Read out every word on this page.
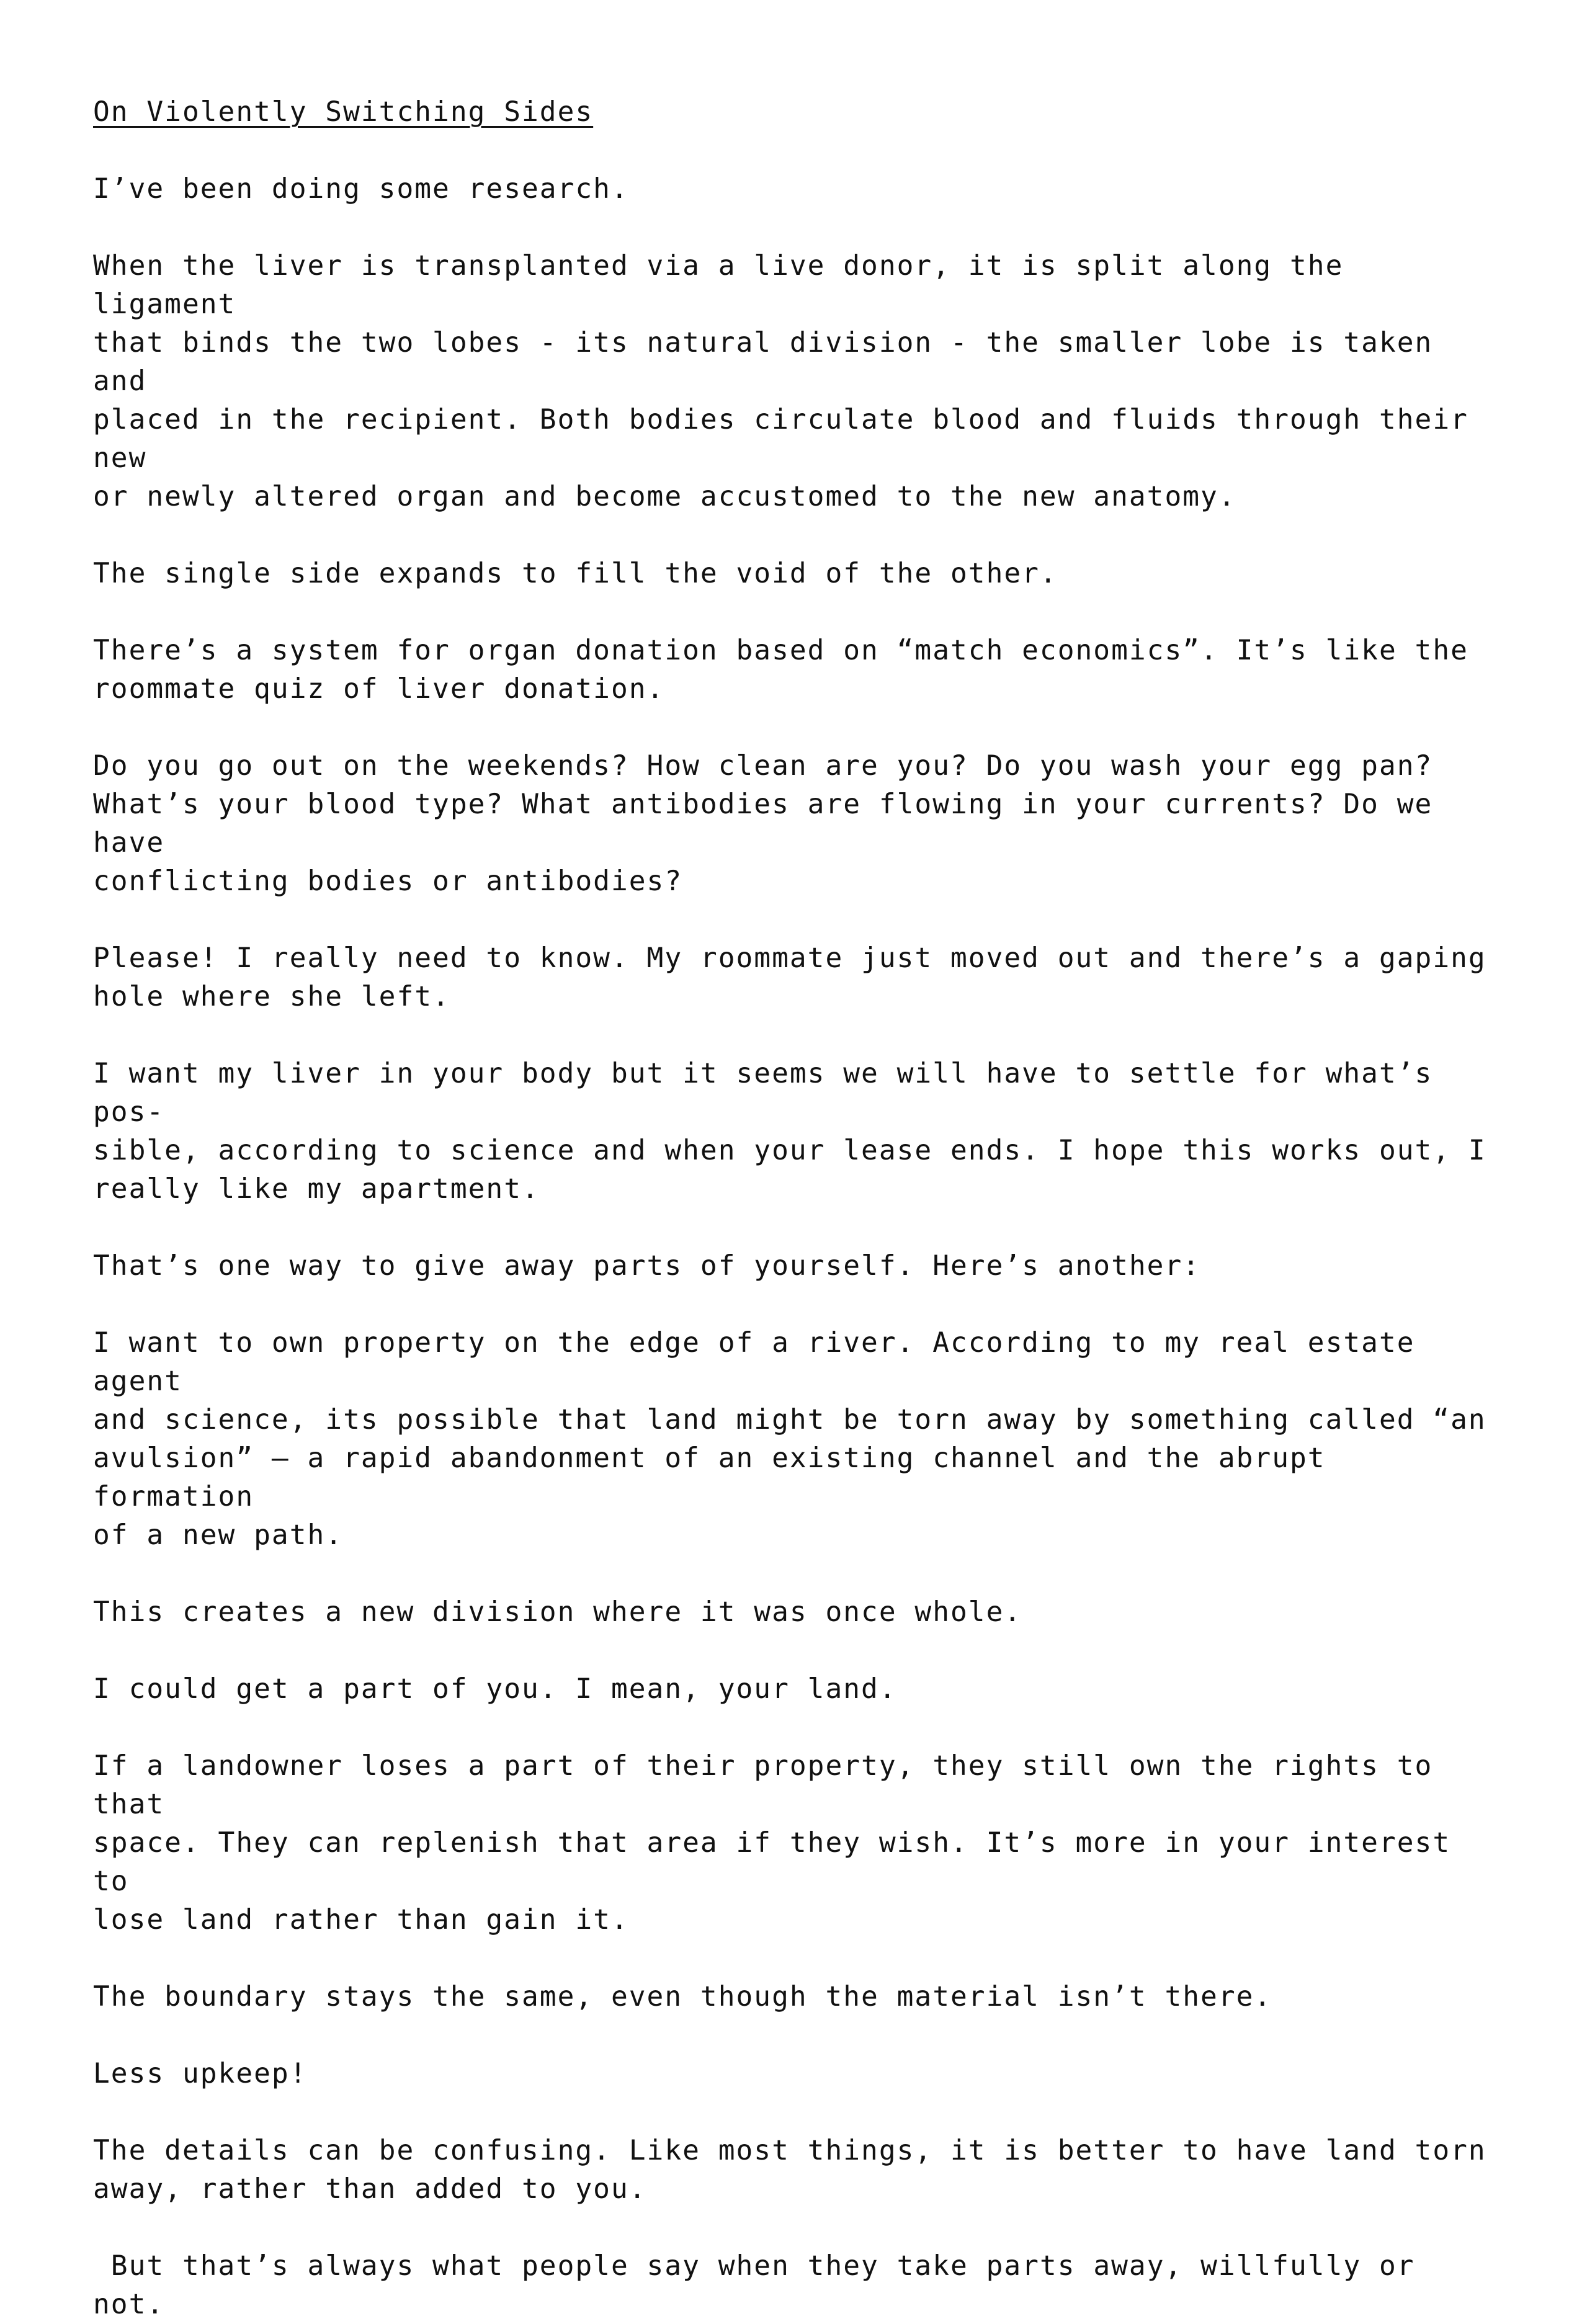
On Violently Switching Sides
I’ve been doing some research.
When the liver is transplanted via a live donor, it is split along the ligament
that binds the two lobes - its natural division - the smaller lobe is taken and
placed in the recipient. Both bodies circulate blood and fluids through their new
or newly altered organ and become accustomed to the new anatomy.
The single side expands to fill the void of the other.
There’s a system for organ donation based on “match economics”. It’s like the
roommate quiz of liver donation.
Do you go out on the weekends? How clean are you? Do you wash your egg pan?
What’s your blood type? What antibodies are flowing in your currents? Do we have
conflicting bodies or antibodies?
Please! I really need to know. My roommate just moved out and there’s a gaping
hole where she left.
I want my liver in your body but it seems we will have to settle for what’s pos-
sible, according to science and when your lease ends. I hope this works out, I
really like my apartment.
That’s one way to give away parts of yourself. Here’s another:
I want to own property on the edge of a river. According to my real estate agent
and science, its possible that land might be torn away by something called “an
avulsion” — a rapid abandonment of an existing channel and the abrupt formation
of a new path.
This creates a new division where it was once whole.
I could get a part of you. I mean, your land.
If a landowner loses a part of their property, they still own the rights to that
space. They can replenish that area if they wish. It’s more in your interest to
lose land rather than gain it.
The boundary stays the same, even though the material isn’t there.
Less upkeep!
The details can be confusing. Like most things, it is better to have land torn
away, rather than added to you.
But that’s always what people say when they take parts away, willfully or not.
